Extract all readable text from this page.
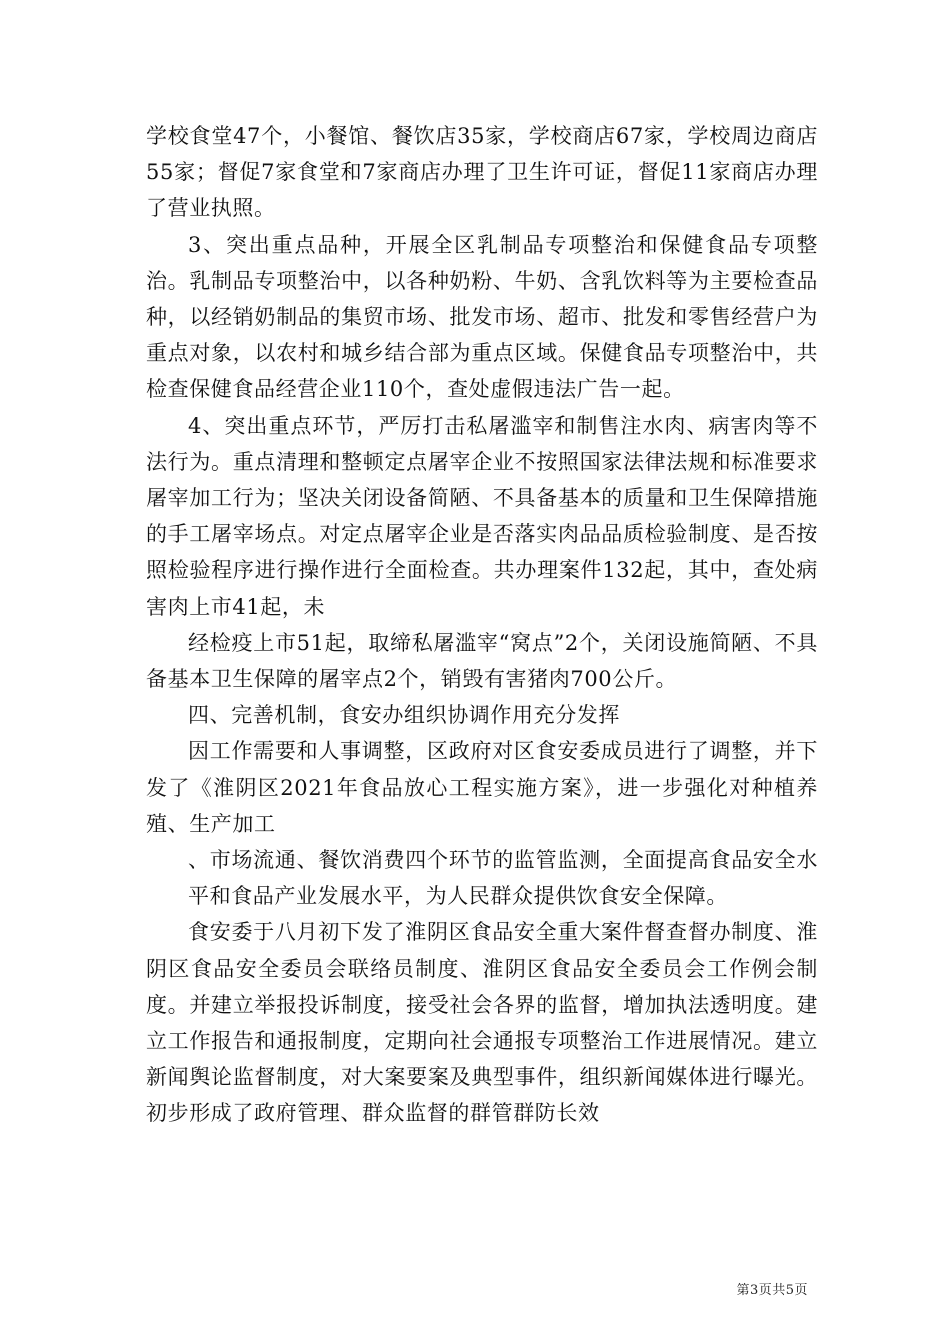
学校食堂47个，小餐馆、餐饮店35家，学校商店67家，学校周边商店55家；督促7家食堂和7家商店办理了卫生许可证，督促11家商店办理了营业执照。

3、突出重点品种，开展全区乳制品专项整治和保健食品专项整治。乳制品专项整治中，以各种奶粉、牛奶、含乳饮料等为主要检查品种，以经销奶制品的集贸市场、批发市场、超市、批发和零售经营户为重点对象，以农村和城乡结合部为重点区域。保健食品专项整治中，共检查保健食品经营企业110个，查处虚假违法广告一起。

4、突出重点环节，严厉打击私屠滥宰和制售注水肉、病害肉等不法行为。重点清理和整顿定点屠宰企业不按照国家法律法规和标准要求屠宰加工行为；坚决关闭设备简陋、不具备基本的质量和卫生保障措施的手工屠宰场点。对定点屠宰企业是否落实肉品品质检验制度、是否按照检验程序进行操作进行全面检查。共办理案件132起，其中，查处病害肉上市41起，未

经检疫上市51起，取缔私屠滥宰“窝点”2个，关闭设施简陋、不具备基本卫生保障的屠宰点2个，销毁有害猪肉700公斤。

四、完善机制，食安办组织协调作用充分发挥

因工作需要和人事调整，区政府对区食安委成员进行了调整，并下发了《淮阴区2021年食品放心工程实施方案》，进一步强化对种植养殖、生产加工

、市场流通、餐饮消费四个环节的监管监测，全面提高食品安全水平和食品产业发展水平，为人民群众提供饮食安全保障。

食安委于八月初下发了淮阴区食品安全重大案件督查督办制度、淮阴区食品安全委员会联络员制度、淮阴区食品安全委员会工作例会制度。并建立举报投诉制度，接受社会各界的监督，增加执法透明度。建立工作报告和通报制度，定期向社会通报专项整治工作进展情况。建立新闻舆论监督制度，对大案要案及典型事件，组织新闻媒体进行曝光。初步形成了政府管理、群众监督的群管群防长效

第3页共5页
